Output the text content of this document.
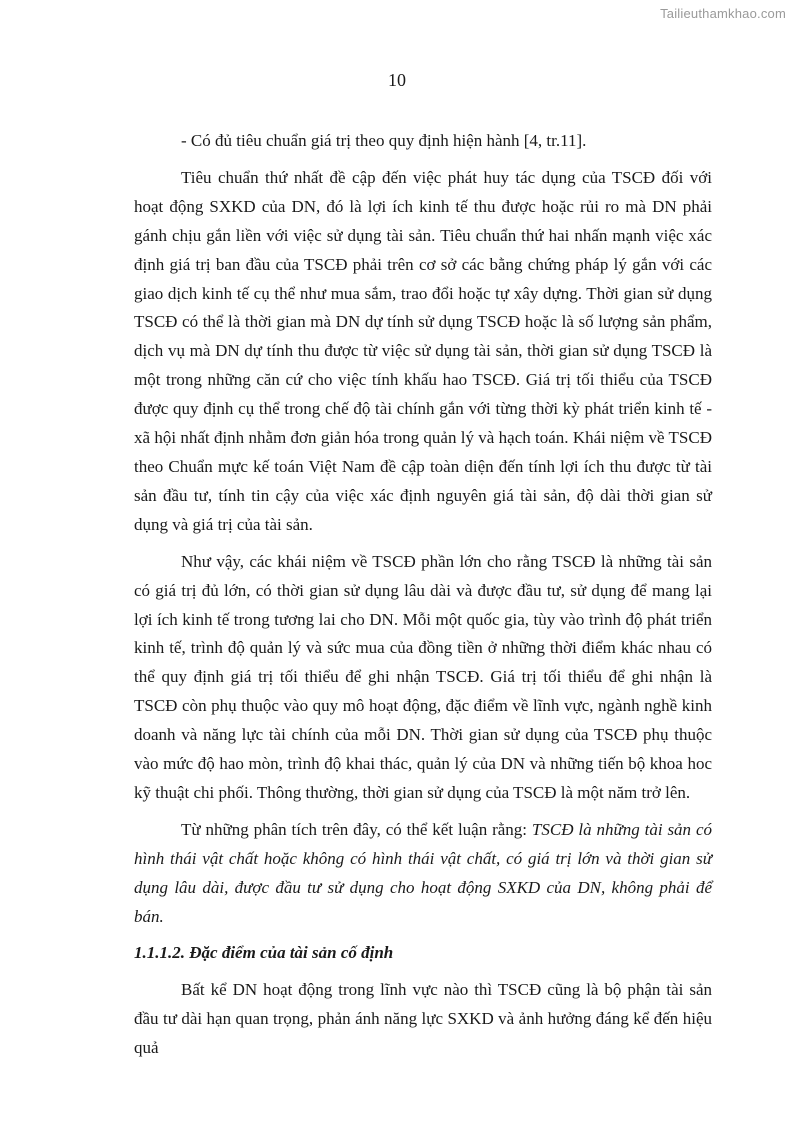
Tailieuthamkhao.com
10

- Có đủ tiêu chuẩn giá trị theo quy định hiện hành [4, tr.11].

Tiêu chuẩn thứ nhất đề cập đến việc phát huy tác dụng của TSCĐ đối với hoạt động SXKD của DN, đó là lợi ích kinh tế thu được hoặc rủi ro mà DN phải gánh chịu gắn liền với việc sử dụng tài sản. Tiêu chuẩn thứ hai nhấn mạnh việc xác định giá trị ban đầu của TSCĐ phải trên cơ sở các bằng chứng pháp lý gắn với các giao dịch kinh tế cụ thể như mua sắm, trao đổi hoặc tự xây dựng. Thời gian sử dụng TSCĐ có thể là thời gian mà DN dự tính sử dụng TSCĐ hoặc là số lượng sản phẩm, dịch vụ mà DN dự tính thu được từ việc sử dụng tài sản, thời gian sử dụng TSCĐ là một trong những căn cứ cho việc tính khấu hao TSCĐ. Giá trị tối thiểu của TSCĐ được quy định cụ thể trong chế độ tài chính gắn với từng thời kỳ phát triển kinh tế - xã hội nhất định nhằm đơn giản hóa trong quản lý và hạch toán. Khái niệm về TSCĐ theo Chuẩn mực kế toán Việt Nam đề cập toàn diện đến tính lợi ích thu được từ tài sản đầu tư, tính tin cậy của việc xác định nguyên giá tài sản, độ dài thời gian sử dụng và giá trị của tài sản.

Như vậy, các khái niệm về TSCĐ phần lớn cho rằng TSCĐ là những tài sản có giá trị đủ lớn, có thời gian sử dụng lâu dài và được đầu tư, sử dụng để mang lại lợi ích kinh tế trong tương lai cho DN. Mỗi một quốc gia, tùy vào trình độ phát triển kinh tế, trình độ quản lý và sức mua của đồng tiền ở những thời điểm khác nhau có thể quy định giá trị tối thiểu để ghi nhận TSCĐ. Giá trị tối thiểu để ghi nhận là TSCĐ còn phụ thuộc vào quy mô hoạt động, đặc điểm về lĩnh vực, ngành nghề kinh doanh và năng lực tài chính của mỗi DN. Thời gian sử dụng của TSCĐ phụ thuộc vào mức độ hao mòn, trình độ khai thác, quản lý của DN và những tiến bộ khoa hoc kỹ thuật chi phối. Thông thường, thời gian sử dụng của TSCĐ là một năm trở lên.

Từ những phân tích trên đây, có thể kết luận rằng: TSCĐ là những tài sản có hình thái vật chất hoặc không có hình thái vật chất, có giá trị lớn và thời gian sử dụng lâu dài, được đầu tư sử dụng cho hoạt động SXKD của DN, không phải để bán.

1.1.1.2. Đặc điểm của tài sản cố định

Bất kể DN hoạt động trong lĩnh vực nào thì TSCĐ cũng là bộ phận tài sản đầu tư dài hạn quan trọng, phản ánh năng lực SXKD và ảnh hưởng đáng kể đến hiệu quả
